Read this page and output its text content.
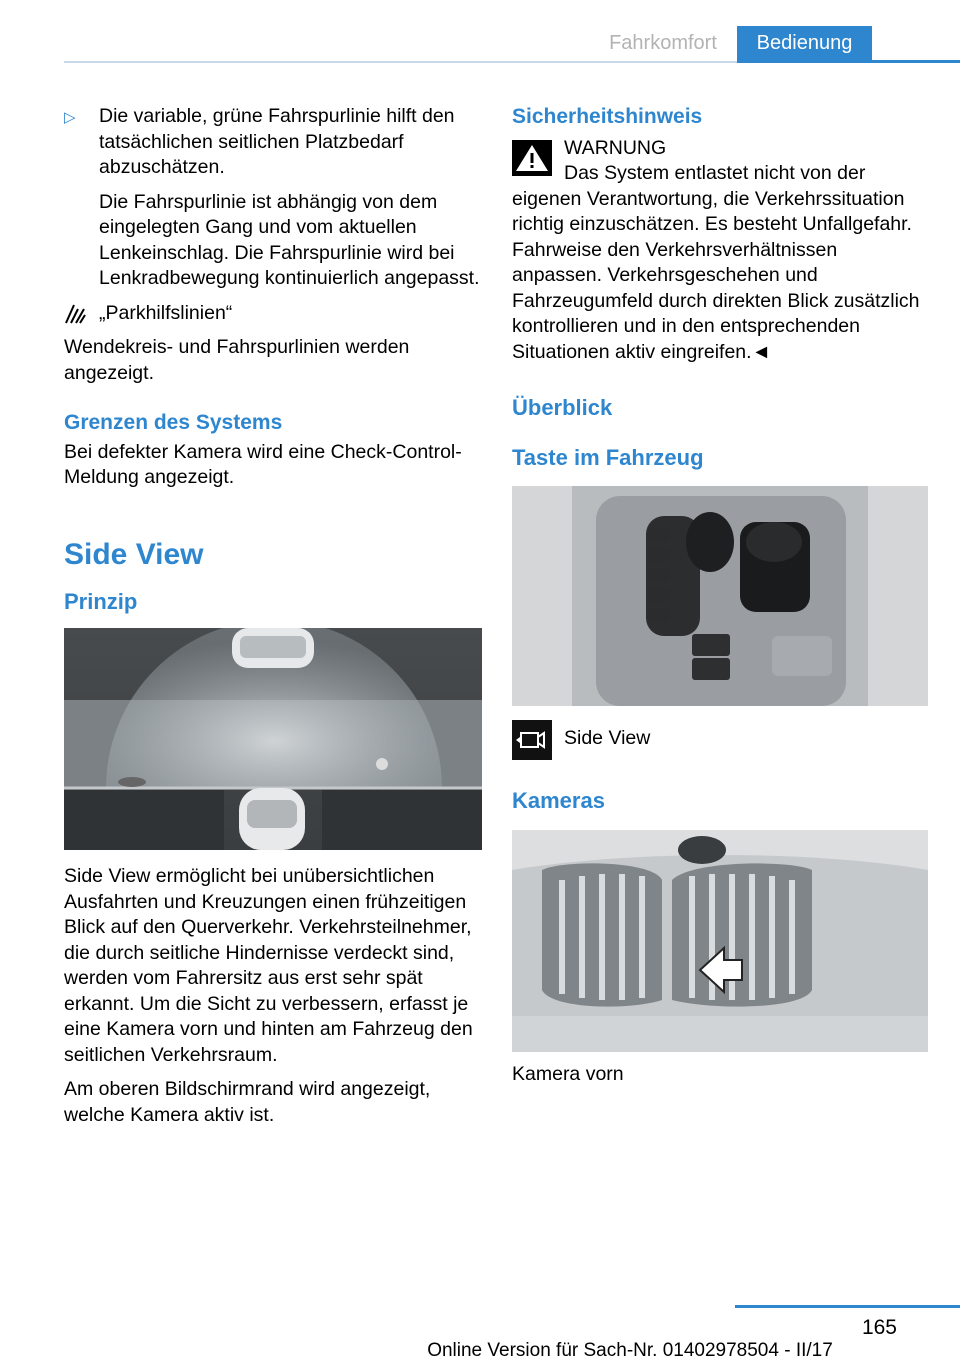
Fahrkomfort	Bedienung

▷ Die variable, grüne Fahrspurlinie hilft den tatsächlichen seitlichen Platzbedarf abzuschätzen.

Die Fahrspurlinie ist abhängig von dem eingelegten Gang und vom aktuellen Lenkeinschlag. Die Fahrspurlinie wird bei Lenkradbewegung kontinuierlich angepasst.

„Parkhilfslinien“

Wendekreis- und Fahrspurlinien werden angezeigt.

Grenzen des Systems

Bei defekter Kamera wird eine Check-Control-Meldung angezeigt.

Side View
Prinzip

Side View ermöglicht bei unübersichtlichen Ausfahrten und Kreuzungen einen frühzeitigen Blick auf den Querverkehr. Verkehrsteilnehmer, die durch seitliche Hindernisse verdeckt sind, werden vom Fahrersitz aus erst sehr spät erkannt. Um die Sicht zu verbessern, erfasst je eine Kamera vorn und hinten am Fahrzeug den seitlichen Verkehrsraum.

Am oberen Bildschirmrand wird angezeigt, welche Kamera aktiv ist.

Sicherheitshinweis
WARNUNG

Das System entlastet nicht von der eigenen Verantwortung, die Verkehrssituation richtig einzuschätzen. Es besteht Unfallgefahr. Fahrweise den Verkehrsverhältnissen anpassen. Verkehrsgeschehen und Fahrzeugumfeld durch direkten Blick zusätzlich kontrollieren und in den entsprechenden Situationen aktiv eingreifen.◄

Überblick
Taste im Fahrzeug
Side View
Kameras

Kamera vorn

165
Online Version für Sach-Nr. 01402978504 - II/17
